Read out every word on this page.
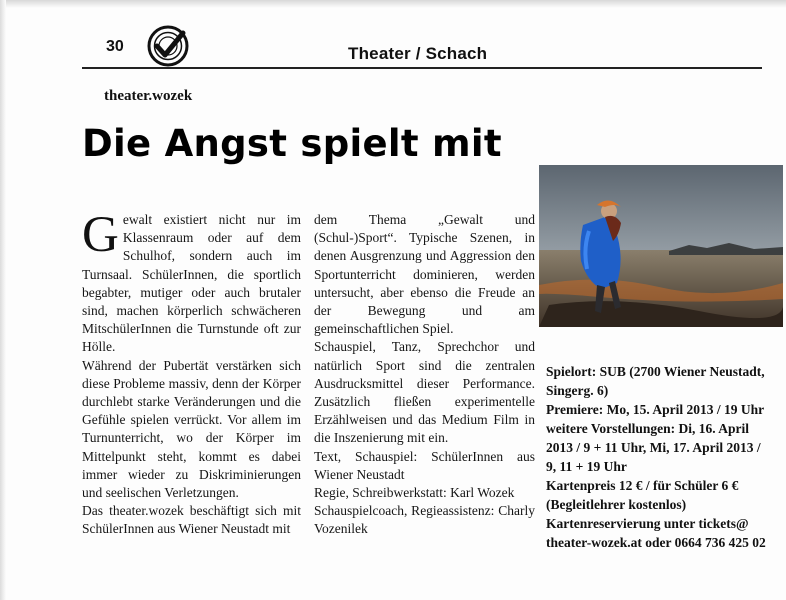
30	Theater / Schach
theater.wozek
Die Angst spielt mit

Gewalt existiert nicht nur im Klassenraum oder auf dem Schulhof, sondern auch im Turnsaal. SchülerInnen, die sportlich begabter, mutiger oder auch brutaler sind, machen körperlich schwächeren MitschülerInnen die Turnstunde oft zur Hölle.

Während der Pubertät verstärken sich diese Probleme massiv, denn der Körper durchlebt starke Veränderungen und die Gefühle spielen verrückt. Vor allem im Turnunterricht, wo der Körper im Mittelpunkt steht, kommt es dabei immer wieder zu Diskriminierungen und seelischen Verletzungen.

Das theater.wozek beschäftigt sich mit SchülerInnen aus Wiener Neustadt mit

dem Thema „Gewalt und (Schul-)Sport“. Typische Szenen, in denen Ausgrenzung und Aggression den Sportunterricht dominieren, werden untersucht, aber ebenso die Freude an der Bewegung und am gemeinschaftlichen Spiel.

Schauspiel, Tanz, Sprechchor und natürlich Sport sind die zentralen Ausdrucksmittel dieser Performance. Zusätzlich fließen experimentelle Erzählweisen und das Medium Film in die Inszenierung mit ein.

Text, Schauspiel: SchülerInnen aus Wiener Neustadt

Regie, Schreibwerkstatt: Karl Wozek

Schauspielcoach, Regieassistenz: Charly Vozenilek

Spielort: SUB (2700 Wiener Neustadt, Singerg. 6)

Premiere: Mo, 15. April 2013 / 19 Uhr

weitere Vorstellungen: Di, 16. April 2013 / 9 + 11 Uhr, Mi, 17. April 2013 / 9, 11 + 19 Uhr

Kartenpreis 12 € / für Schüler 6 € (Begleitlehrer kostenlos)

Kartenreservierung unter tickets@ theater-wozek.at oder 0664 736 425 02
